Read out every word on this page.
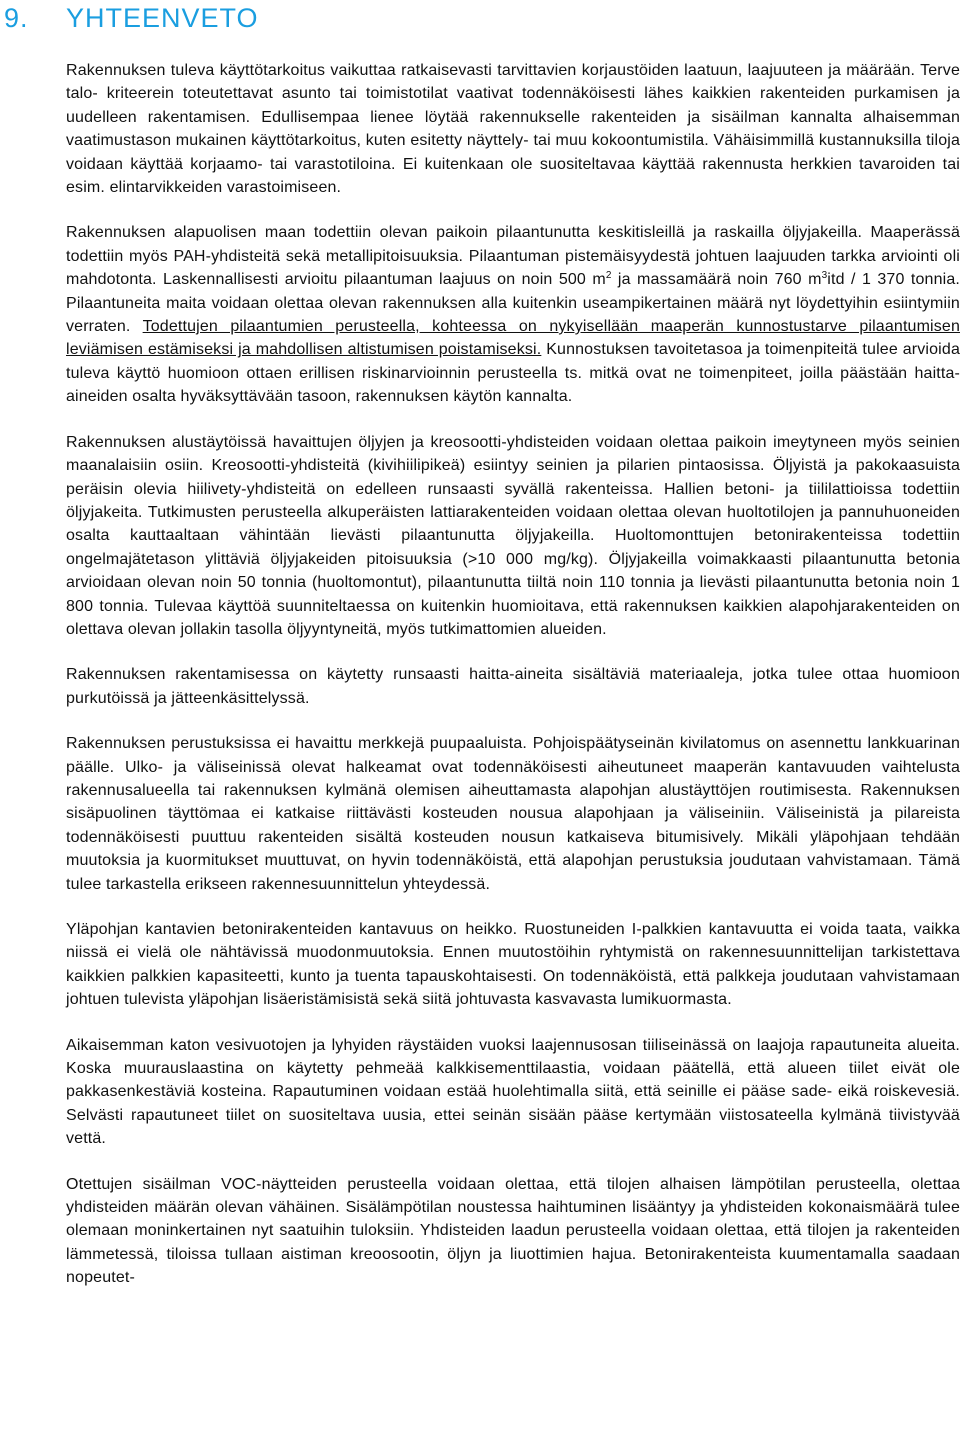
9. YHTEENVETO

Rakennuksen tuleva käyttötarkoitus vaikuttaa ratkaisevasti tarvittavien korjaustöiden laatuun, laajuuteen ja määrään. Terve talo- kriteerein toteutettavat asunto tai toimistotilat vaativat todennäköisesti lähes kaikkien rakenteiden purkamisen ja uudelleen rakentamisen. Edullisempaa lienee löytää rakennukselle rakenteiden ja sisäilman kannalta alhaisemman vaatimustason mukainen käyttötarkoitus, kuten esitetty näyttely- tai muu kokoontumistila. Vähäisimmillä kustannuksilla tiloja voidaan käyttää korjaamo- tai varastotiloina. Ei kuitenkaan ole suositeltavaa käyttää rakennusta herkkien tavaroiden tai esim. elintarvikkeiden varastoimiseen.

Rakennuksen alapuolisen maan todettiin olevan paikoin pilaantunutta keskitisleillä ja raskailla öljyjakeilla. Maaperässä todettiin myös PAH-yhdisteitä sekä metallipitoisuuksia. Pilaantuman pistemäisyydestä johtuen laajuuden tarkka arviointi oli mahdotonta. Laskennallisesti arvioitu pilaantuman laajuus on noin 500 $m^2$ ja massamäärä noin 760 $m^3itd / 1$ 370 tonnia. Pilaantuneita maita voidaan olettaa olevan rakennuksen alla kuitenkin useampikertainen määrä nyt löydettyihin esiintymiin verraten. Todettujen pilaantumien perusteella, kohteessa on nykyisellään maaperän kunnostustarve pilaantumisen leviämisen estämiseksi ja mahdollisen altistumisen poistamiseksi. Kunnostuksen tavoitetasoa ja toimenpiteitä tulee arvioida tuleva käyttö huomioon ottaen erillisen riskinarvioinnin perusteella ts. mitkä ovat ne toimenpiteet, joilla päästään haitta-aineiden osalta hyväksyttävään tasoon, rakennuksen käytön kannalta.

Rakennuksen alustäytöissä havaittujen öljyjen ja kreosootti-yhdisteiden voidaan olettaa paikoin imeytyneen myös seinien maanalaisiin osiin. Kreosootti-yhdisteitä (kivihiilipikeä) esiintyy seinien ja pilarien pintaosissa. Öljyistä ja pakokaasuista peräisin olevia hiilivety-yhdisteitä on edelleen runsaasti syvällä rakenteissa. Hallien betoni- ja tiililattioissa todettiin öljyjakeita. Tutkimusten perusteella alkuperäisten lattiarakenteiden voidaan olettaa olevan huoltotilojen ja pannuhuoneiden osalta kauttaaltaan vähintään lievästi pilaantunutta öljyjakeilla. Huoltomonttujen betonirakenteissa todettiin ongelmajätetason ylittäviä öljyjakeiden pitoisuuksia (>10 000 mg/kg). Öljyjakeilla voimakkaasti pilaantunutta betonia arvioidaan olevan noin 50 tonnia (huoltomontut), pilaantunutta tiiltä noin 110 tonnia ja lievästi pilaantunutta betonia noin 1 800 tonnia. Tulevaa käyttöä suunniteltaessa on kuitenkin huomioitava, että rakennuksen kaikkien alapohjarakenteiden on olettava olevan jollakin tasolla öljyyntyneitä, myös tutkimattomien alueiden.

Rakennuksen rakentamisessa on käytetty runsaasti haitta-aineita sisältäviä materiaaleja, jotka tulee ottaa huomioon purkutöissä ja jätteenkäsittelyssä.

Rakennuksen perustuksissa ei havaittu merkkejä puupaaluista. Pohjoispäätyseinän kivilatomus on asennettu lankkuarinan päälle. Ulko- ja väliseinissä olevat halkeamat ovat todennäköisesti aiheutuneet maaperän kantavuuden vaihtelusta rakennusalueella tai rakennuksen kylmänä olemisen aiheuttamasta alapohjan alustäyttöjen routimisesta. Rakennuksen sisäpuolinen täyttömaa ei katkaise riittävästi kosteuden nousua alapohjaan ja väliseiniin. Väliseinistä ja pilareista todennäköisesti puuttuu rakenteiden sisältä kosteuden nousun katkaiseva bitumisively. Mikäli yläpohjaan tehdään muutoksia ja kuormitukset muuttuvat, on hyvin todennäköistä, että alapohjan perustuksia joudutaan vahvistamaan. Tämä tulee tarkastella erikseen rakennesuunnittelun yhteydessä.

Yläpohjan kantavien betonirakenteiden kantavuus on heikko. Ruostuneiden I-palkkien kantavuutta ei voida taata, vaikka niissä ei vielä ole nähtävissä muodonmuutoksia. Ennen muutostöihin ryhtymistä on rakennesuunnittelijan tarkistettava kaikkien palkkien kapasiteetti, kunto ja tuenta tapauskohtaisesti. On todennäköistä, että palkkeja joudutaan vahvistamaan johtuen tulevista yläpohjan lisäeristämisistä sekä siitä johtuvasta kasvavasta lumikuormasta.

Aikaisemman katon vesivuotojen ja lyhyiden räystäiden vuoksi laajennusosan tiiliseinässä on laajoja rapautuneita alueita. Koska muurauslaastina on käytetty pehmeää kalkkisementtilaastia, voidaan päätellä, että alueen tiilet eivät ole pakkasenkestäviä kosteina. Rapautuminen voidaan estää huolehtimalla siitä, että seinille ei pääse sade- eikä roiskevesiä. Selvästi rapautuneet tiilet on suositeltava uusia, ettei seinän sisään pääse kertymään viistosateella kylmänä tiivistyvää vettä.

Otettujen sisäilman VOC-näytteiden perusteella voidaan olettaa, että tilojen alhaisen lämpötilan perusteella, olettaa yhdisteiden määrän olevan vähäinen. Sisälämpötilan noustessa haihtuminen lisääntyy ja yhdisteiden kokonaismäärä tulee olemaan moninkertainen nyt saatuihin tuloksiin. Yhdisteiden laadun perusteella voidaan olettaa, että tilojen ja rakenteiden lämmetessä, tiloissa tullaan aistiman kreoosootin, öljyn ja liuottimien hajua. Betonirakenteista kuumentamalla saadaan nopeutet-
